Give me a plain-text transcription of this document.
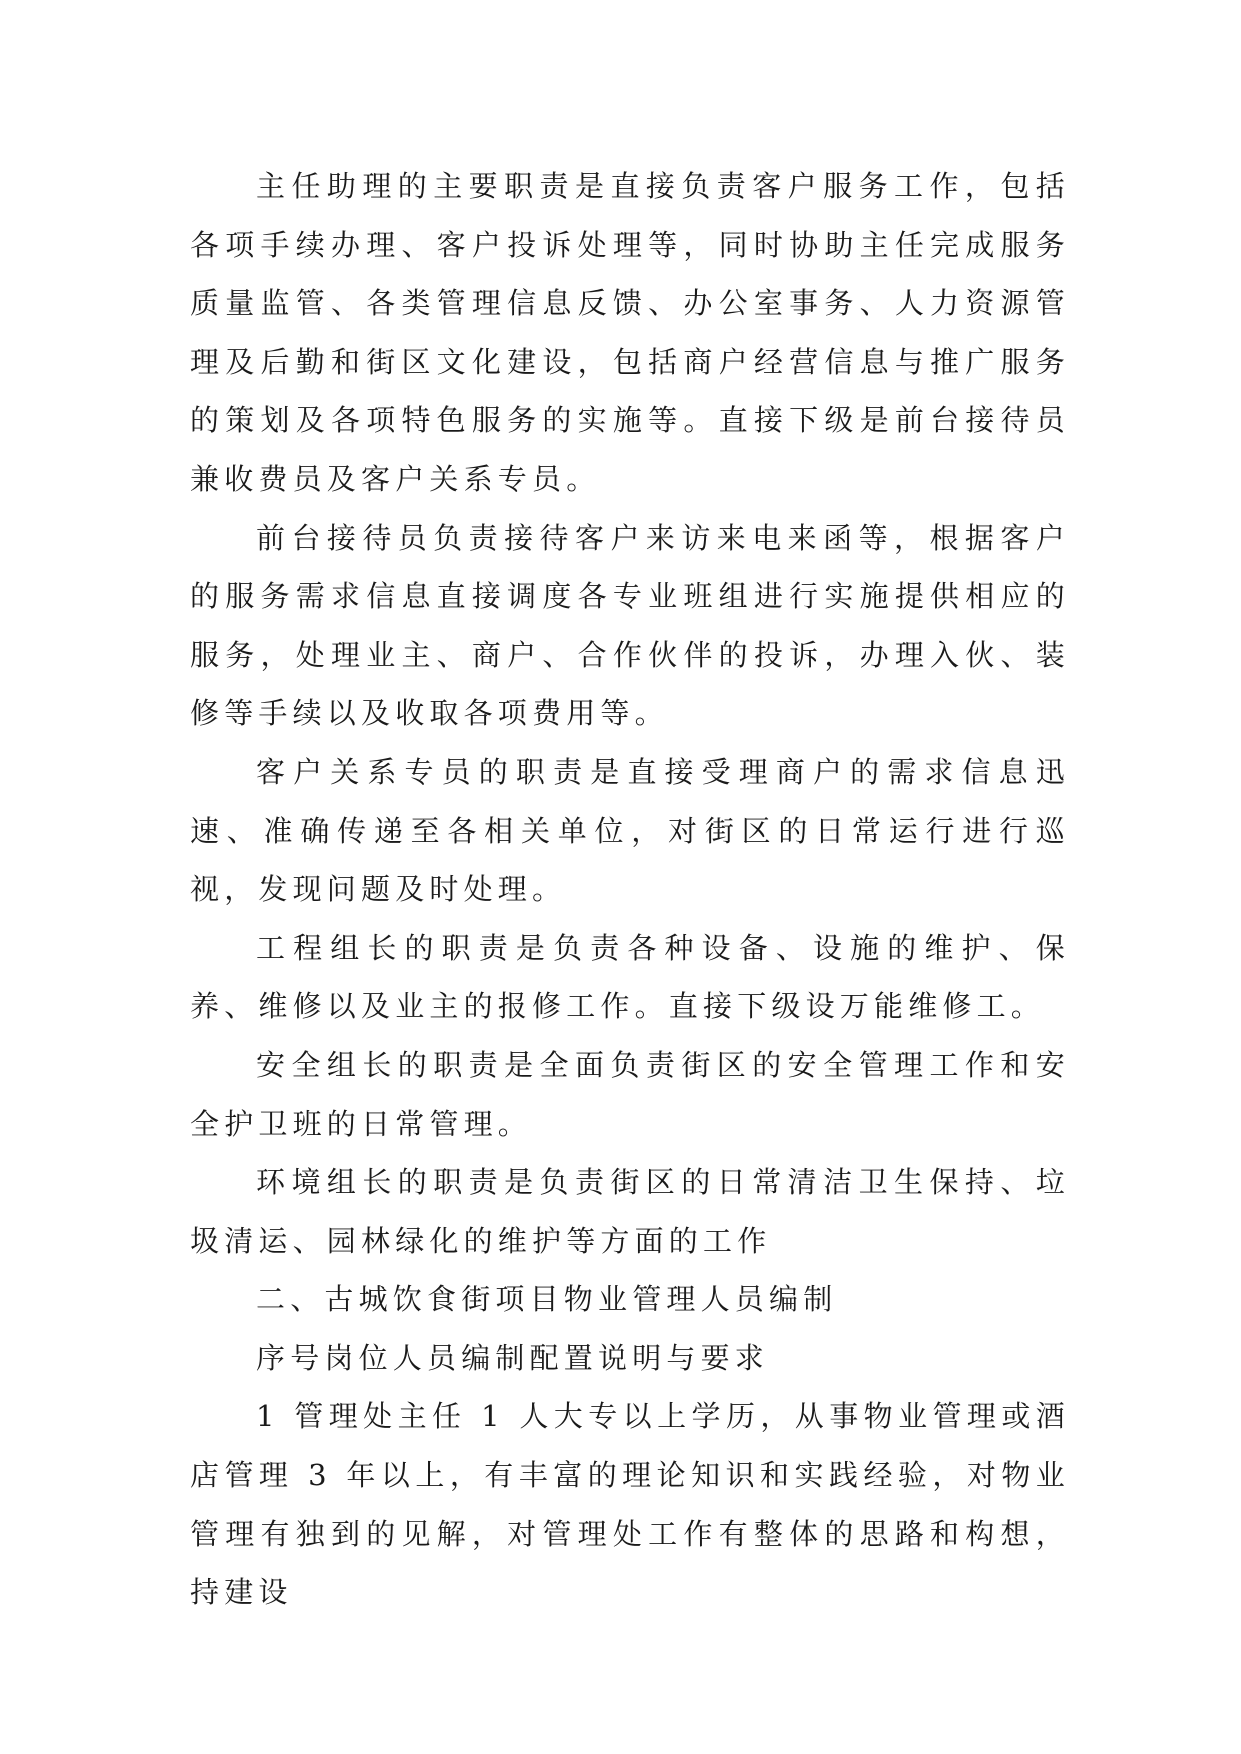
主任助理的主要职责是直接负责客户服务工作，包括各项手续办理、客户投诉处理等，同时协助主任完成服务质量监管、各类管理信息反馈、办公室事务、人力资源管理及后勤和街区文化建设，包括商户经营信息与推广服务的策划及各项特色服务的实施等。直接下级是前台接待员兼收费员及客户关系专员。

前台接待员负责接待客户来访来电来函等，根据客户的服务需求信息直接调度各专业班组进行实施提供相应的服务，处理业主、商户、合作伙伴的投诉，办理入伙、装修等手续以及收取各项费用等。

客户关系专员的职责是直接受理商户的需求信息迅速、准确传递至各相关单位，对街区的日常运行进行巡视，发现问题及时处理。

工程组长的职责是负责各种设备、设施的维护、保养、维修以及业主的报修工作。直接下级设万能维修工。

安全组长的职责是全面负责街区的安全管理工作和安全护卫班的日常管理。

环境组长的职责是负责街区的日常清洁卫生保持、垃圾清运、园林绿化的维护等方面的工作

二、古城饮食街项目物业管理人员编制

序号岗位人员编制配置说明与要求

1 管理处主任 1 人大专以上学历，从事物业管理或酒店管理 3 年以上，有丰富的理论知识和实践经验，对物业管理有独到的见解，对管理处工作有整体的思路和构想，持建设
